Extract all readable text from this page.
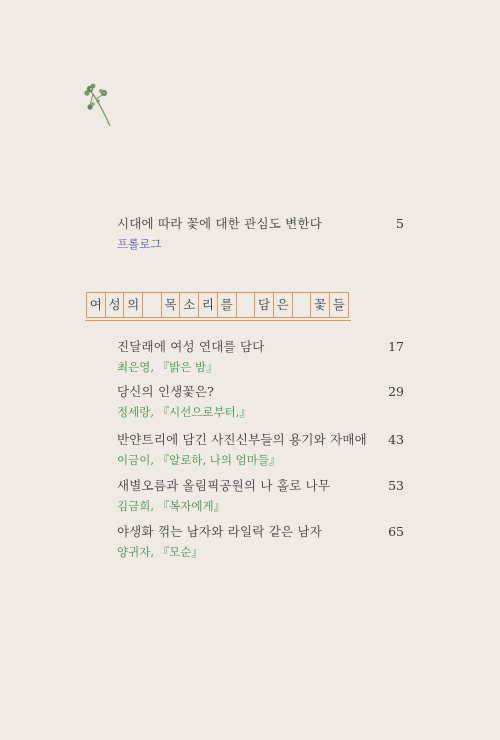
시대에 따라 꽃에 대한 관심도 변한다	5
프롤로그
여 성 의	목 소 리 를	담 은	꽃 들
진달래에 여성 연대를 담다	17
최은영, 『밝은 밤』
당신의 인생꽃은?	29
정세랑, 『시선으로부터,』
반얀트리에 담긴 사진신부들의 용기와 자매애	43
이금이, 『알로하, 나의 엄마들』
새별오름과 올림픽공원의 나 홀로 나무	53
김금희, 『복자에게』
야생화 꺾는 남자와 라일락 같은 남자	65
양귀자, 『모순』
